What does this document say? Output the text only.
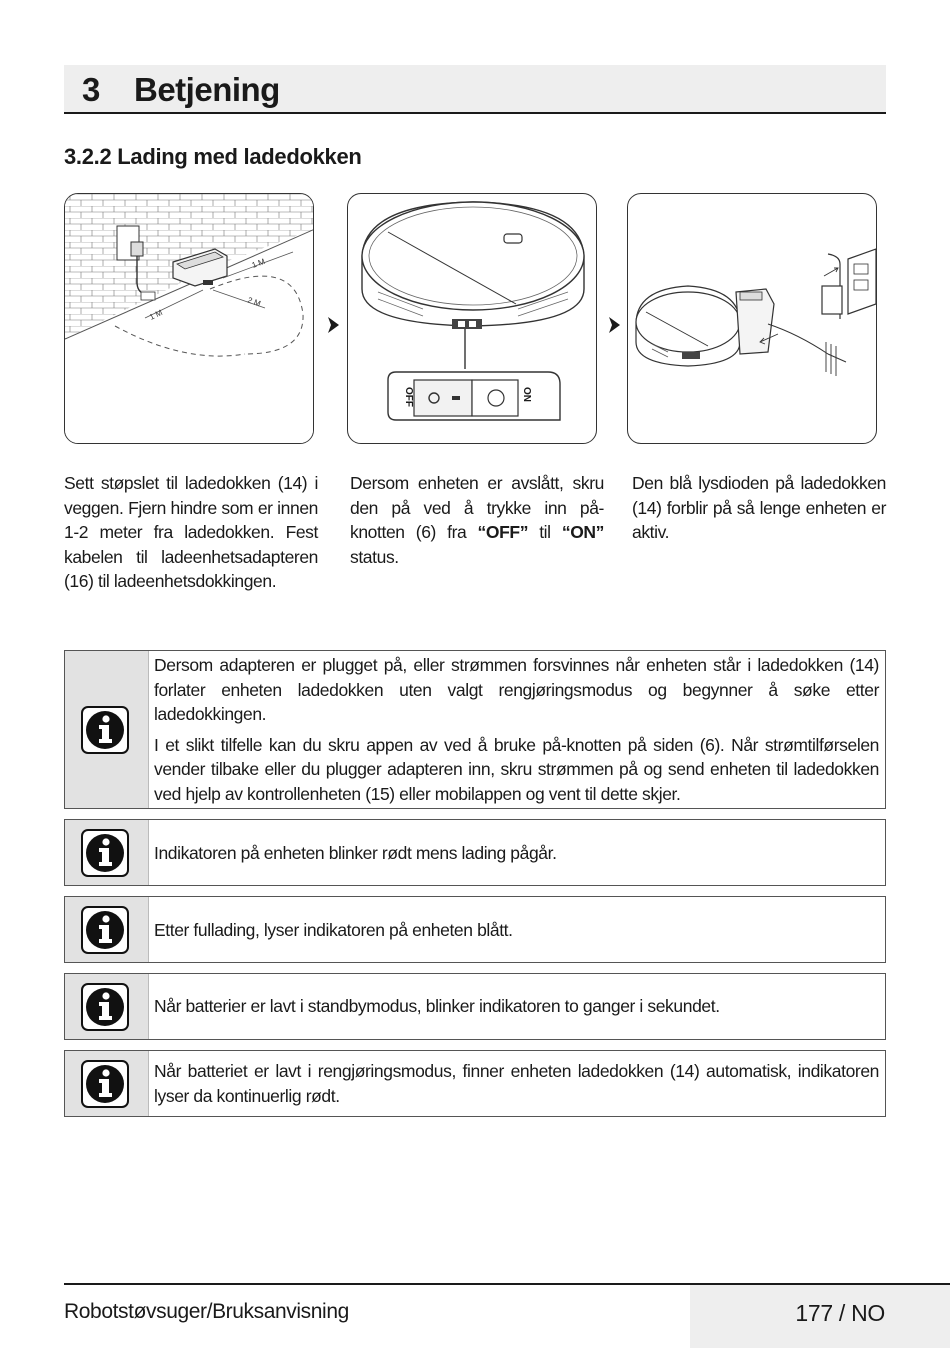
3 Betjening
3.2.2 Lading med ladedokken
1 M
2 M
1 M
OFF	ON
Sett støpslet til ladedokken (14) i veggen. Fjern hindre som er innen 1-2 meter fra ladedokken. Fest kabelen til ladeenhetsadapteren (16) til ladeenhetsdokkingen.
Dersom enheten er avslått, skru den på ved å trykke inn på-knotten (6) fra “OFF” til “ON” status.
Den blå lysdioden på ladedokken (14) forblir på så lenge enheten er aktiv.

Dersom adapteren er plugget på, eller strømmen forsvinnes når enheten står i ladedokken (14) forlater enheten ladedokken uten valgt rengjøringsmodus og begynner å søke etter ladedokkingen.

I et slikt tilfelle kan du skru appen av ved å bruke på-knotten på siden (6). Når strømtilførselen vender tilbake eller du plugger adapteren inn, skru strømmen på og send enheten til ladedokken ved hjelp av kontrollenheten (15) eller mobilappen og vent til dette skjer.

Indikatoren på enheten blinker rødt mens lading pågår.
Etter fullading, lyser indikatoren på enheten blått.
Når batterier er lavt i standbymodus, blinker indikatoren to ganger i sekundet.
Når batteriet er lavt i rengjøringsmodus, finner enheten ladedokken (14) automatisk, indikatoren lyser da kontinuerlig rødt.
Robotstøvsuger/Bruksanvisning	177 / NO
